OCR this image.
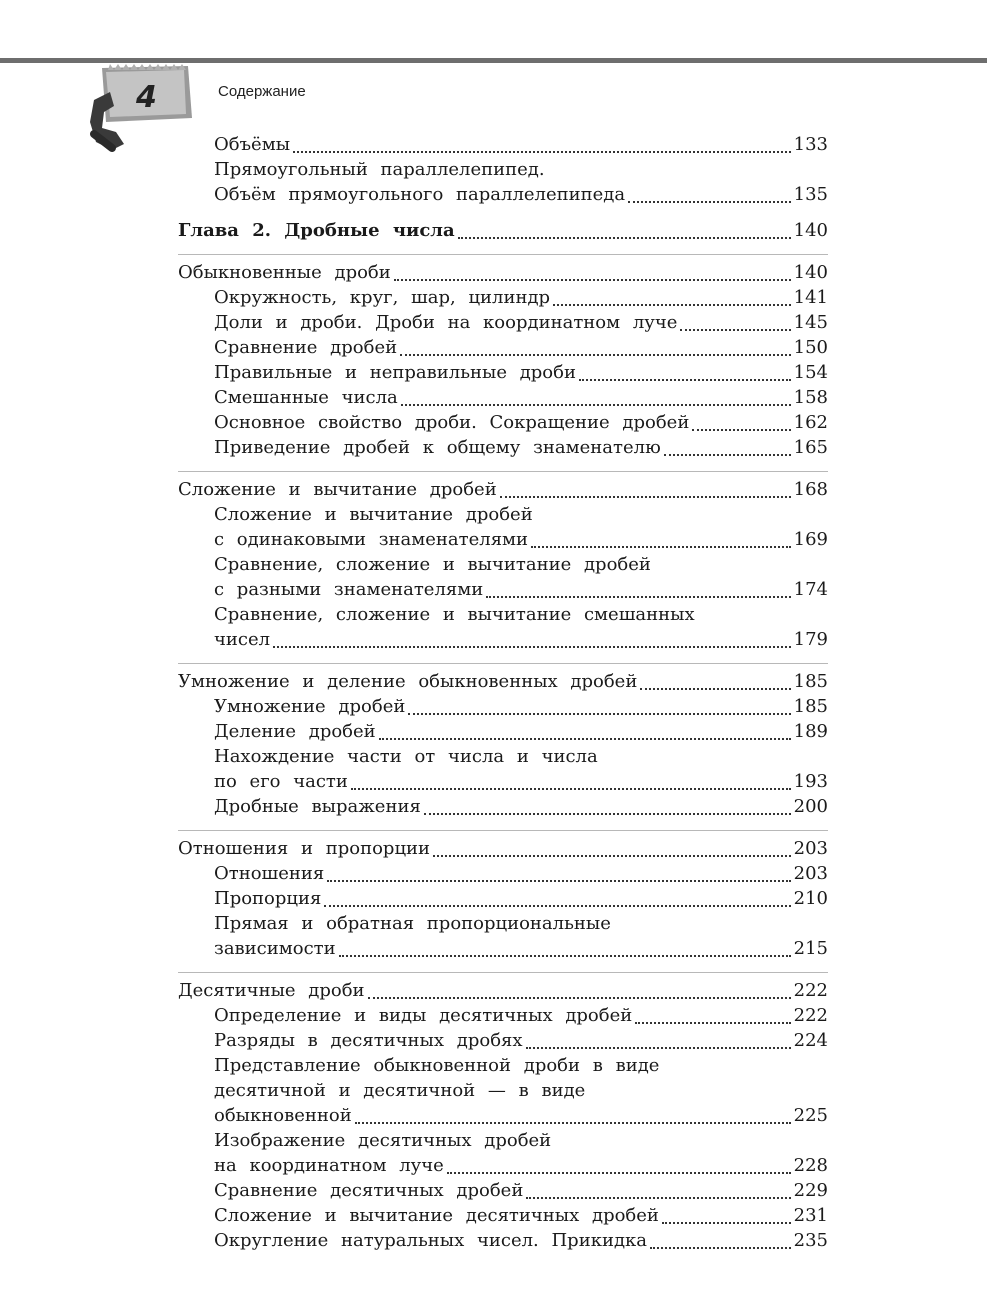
4	Содержание
Объёмы	133
Прямоугольный параллелепипед.
Объём прямоугольного параллелепипеда	135
Глава 2. Дробные числа	140
Обыкновенные дроби	140
Окружность, круг, шар, цилиндр	141
Доли и дроби. Дроби на координатном луче	145
Сравнение дробей	150
Правильные и неправильные дроби	154
Смешанные числа	158
Основное свойство дроби. Сокращение дробей	162
Приведение дробей к общему знаменателю	165
Сложение и вычитание дробей	168
Сложение и вычитание дробей
с одинаковыми знаменателями	169
Сравнение, сложение и вычитание дробей
с разными знаменателями	174
Сравнение, сложение и вычитание смешанных
чисел	179
Умножение и деление обыкновенных дробей	185
Умножение дробей	185
Деление дробей	189
Нахождение части от числа и числа
по его части	193
Дробные выражения	200
Отношения и пропорции	203
Отношения	203
Пропорция	210
Прямая и обратная пропорциональные
зависимости	215
Десятичные дроби	222
Определение и виды десятичных дробей	222
Разряды в десятичных дробях	224
Представление обыкновенной дроби в виде
десятичной и десятичной — в виде
обыкновенной	225
Изображение десятичных дробей
на координатном луче	228
Сравнение десятичных дробей	229
Сложение и вычитание десятичных дробей	231
Округление натуральных чисел. Прикидка	235
